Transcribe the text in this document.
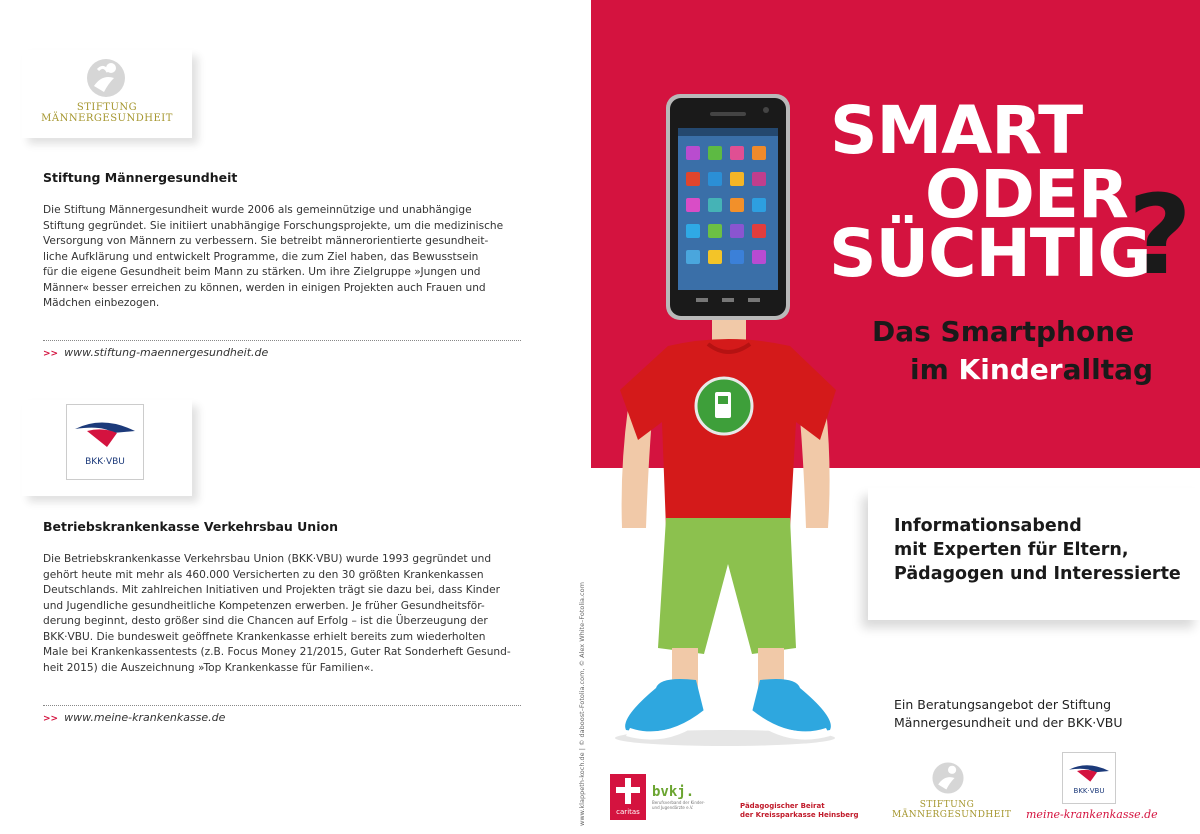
STIFTUNG
MÄNNERGESUNDHEIT
Stiftung Männergesundheit
Die Stiftung Männergesundheit wurde 2006 als gemeinnützige und unabhängige
Stiftung gegründet. Sie initiiert unabhängige Forschungsprojekte, um die medizinische
Versorgung von Männern zu verbessern. Sie betreibt männerorientierte gesundheit-
liche Aufklärung und entwickelt Programme, die zum Ziel haben, das Bewusstsein
für die eigene Gesundheit beim Mann zu stärken. Um ihre Zielgruppe »Jungen und
Männer« besser erreichen zu können, werden in einigen Projekten auch Frauen und
Mädchen einbezogen.
>> www.stiftung-maennergesundheit.de
BKK·VBU
Betriebskrankenkasse Verkehrsbau Union
Die Betriebskrankenkasse Verkehrsbau Union (BKK·VBU) wurde 1993 gegründet und
gehört heute mit mehr als 460.000 Versicherten zu den 30 größten Krankenkassen
Deutschlands. Mit zahlreichen Initiativen und Projekten trägt sie dazu bei, dass Kinder
und Jugendliche gesundheitliche Kompetenzen erwerben. Je früher Gesundheitsför-
derung beginnt, desto größer sind die Chancen auf Erfolg – ist die Überzeugung der
BKK·VBU. Die bundesweit geöffnete Krankenkasse erhielt bereits zum wiederholten
Male bei Krankenkassentests (z.B. Focus Money 21/2015, Guter Rat Sonderheft Gesund-
heit 2015) die Auszeichnung »Top Krankenkasse für Familien«.
>> www.meine-krankenkasse.de	www.klappeth-koch.de | © daboost–Fotolia.com, © Alex White–Fotolia.com
SMART
ODER
SÜCHTIG
?
Das Smartphone
im Kinderalltag
Informationsabend
mit Experten für Eltern,
Pädagogen und Interessierte
Ein Beratungsangebot der Stiftung
Männergesundheit und der BKK·VBU
caritas
bvkj.
Berufsverband der Kinder- und Jugendärzte e.V.	Pädagogischer Beirat
der Kreissparkasse Heinsberg
STIFTUNG
MÄNNERGESUNDHEIT
BKK·VBU
meine-krankenkasse.de
